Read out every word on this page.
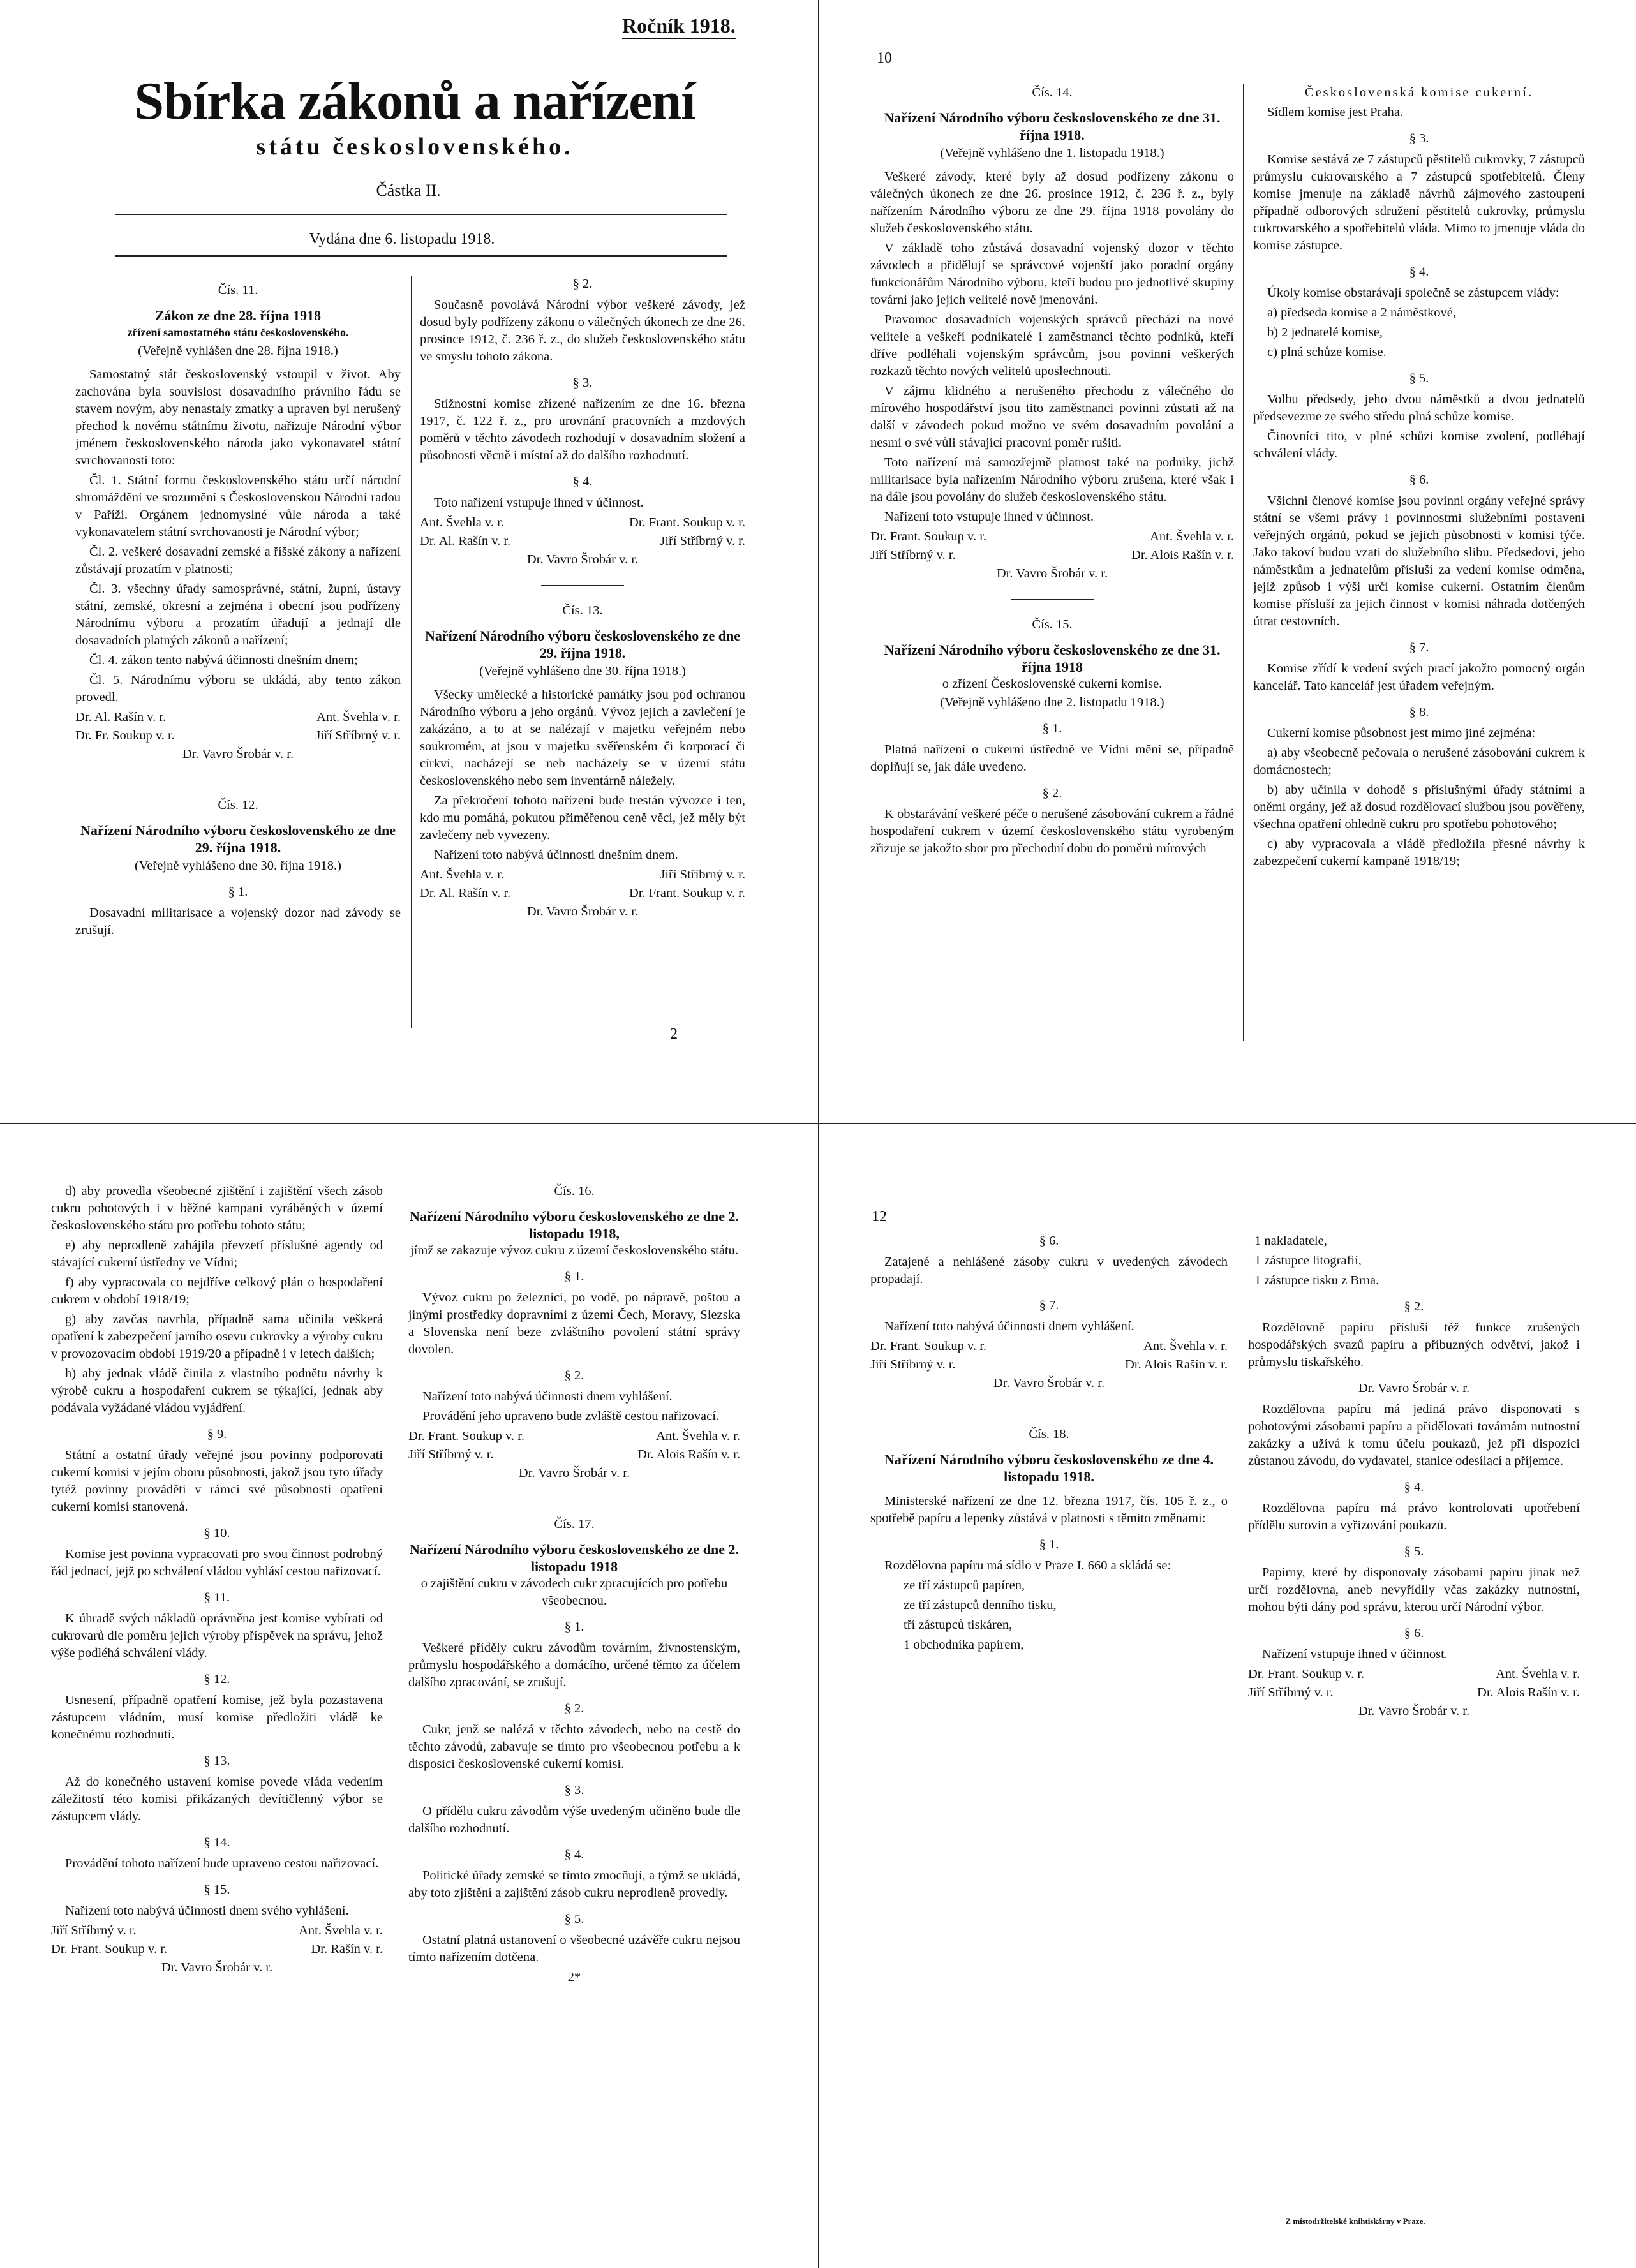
Ročník 1918.
Sbírka zákonů a nařízení
státu československého.
Částka II.
Vydána dne 6. listopadu 1918.
Čís. 11.
Zákon ze dne 28. října 1918
zřízení samostatného státu československého.
(Veřejně vyhlášen dne 28. října 1918.)

Samostatný stát československý vstoupil v život. Aby zachována byla souvislost dosavadního právního řádu se stavem novým, aby nenastaly zmatky a upraven byl nerušený přechod k novému státnímu životu, nařizuje Národní výbor jménem československého národa jako vykonavatel státní svrchovanosti toto:

Čl. 1. Státní formu československého státu určí národní shromáždění ve srozumění s Československou Národní radou v Paříži. Orgánem jednomyslné vůle národa a také vykonavatelem státní svrchovanosti je Národní výbor;

Čl. 2. veškeré dosavadní zemské a říšské zákony a nařízení zůstávají prozatím v platnosti;

Čl. 3. všechny úřady samosprávné, státní, župní, ústavy státní, zemské, okresní a zejména i obecní jsou podřízeny Národnímu výboru a prozatím úřadují a jednají dle dosavadních platných zákonů a nařízení;

Čl. 4. zákon tento nabývá účinnosti dnešním dnem;

Čl. 5. Národnímu výboru se ukládá, aby tento zákon provedl.

Dr. Al. Rašín v. r.	Ant. Švehla v. r.
Dr. Fr. Soukup v. r.	Jiří Stříbrný v. r.
Dr. Vavro Šrobár v. r.
Čís. 12.
Nařízení Národního výboru československého ze dne 29. října 1918.
(Veřejně vyhlášeno dne 30. října 1918.)
§ 1.

Dosavadní militarisace a vojenský dozor nad závody se zrušují.

§ 2.

Současně povolává Národní výbor veškeré závody, jež dosud byly podřízeny zákonu o válečných úkonech ze dne 26. prosince 1912, č. 236 ř. z., do služeb československého státu ve smyslu tohoto zákona.

§ 3.

Stížnostní komise zřízené nařízením ze dne 16. března 1917, č. 122 ř. z., pro urovnání pracovních a mzdových poměrů v těchto závodech rozhodují v dosavadním složení a působnosti věcně i místní až do dalšího rozhodnutí.

§ 4.

Toto nařízení vstupuje ihned v účinnost.

Ant. Švehla v. r.	Dr. Frant. Soukup v. r.
Dr. Al. Rašín v. r.	Jiří Stříbrný v. r.
Dr. Vavro Šrobár v. r.
Čís. 13.
Nařízení Národního výboru československého ze dne 29. října 1918.
(Veřejně vyhlášeno dne 30. října 1918.)

Všecky umělecké a historické památky jsou pod ochranou Národního výboru a jeho orgánů. Vývoz jejich a zavlečení je zakázáno, a to at se nalézají v majetku veřejném nebo soukromém, at jsou v majetku svěřenském či korporací či církví, nacházejí se neb nacházely se v území státu československého nebo sem inventárně náležely.

Za překročení tohoto nařízení bude trestán vývozce i ten, kdo mu pomáhá, pokutou přiměřenou ceně věci, jež měly být zavlečeny neb vyvezeny.

Nařízení toto nabývá účinnosti dnešním dnem.

Ant. Švehla v. r.	Jiří Stříbrný v. r.
Dr. Al. Rašín v. r.	Dr. Frant. Soukup v. r.
Dr. Vavro Šrobár v. r.
2
10
Čís. 14.
Nařízení Národního výboru československého ze dne 31. října 1918.
(Veřejně vyhlášeno dne 1. listopadu 1918.)

Veškeré závody, které byly až dosud podřízeny zákonu o válečných úkonech ze dne 26. prosince 1912, č. 236 ř. z., byly nařízením Národního výboru ze dne 29. října 1918 povolány do služeb československého státu.

V základě toho zůstává dosavadní vojenský dozor v těchto závodech a přidělují se správcové vojenští jako poradní orgány funkcionářům Národního výboru, kteří budou pro jednotlivé skupiny továrni jako jejich velitelé nově jmenováni.

Pravomoc dosavadních vojenských správců přechází na nové velitele a veškeří podnikatelé i zaměstnanci těchto podniků, kteří dříve podléhali vojenským správcům, jsou povinni veškerých rozkazů těchto nových velitelů uposlechnouti.

V zájmu klidného a nerušeného přechodu z válečného do mírového hospodářství jsou tito zaměstnanci povinni zůstati až na další v závodech pokud možno ve svém dosavadním povolání a nesmí o své vůli stávající pracovní poměr rušiti.

Toto nařízení má samozřejmě platnost také na podniky, jichž militarisace byla nařízením Národního výboru zrušena, které však i na dále jsou povolány do služeb československého státu.

Nařízení toto vstupuje ihned v účinnost.

Dr. Frant. Soukup v. r.	Ant. Švehla v. r.
Jiří Stříbrný v. r.	Dr. Alois Rašín v. r.
Dr. Vavro Šrobár v. r.
Čís. 15.
Nařízení Národního výboru československého ze dne 31. října 1918
o zřízení Československé cukerní komise.
(Veřejně vyhlášeno dne 2. listopadu 1918.)
§ 1.

Platná nařízení o cukerní ústředně ve Vídni mění se, případně doplňují se, jak dále uvedeno.

§ 2.

K obstarávání veškeré péče o nerušené zásobování cukrem a řádné hospodaření cukrem v území československého státu vyrobeným zřizuje se jakožto sbor pro přechodní dobu do poměrů mírových

Československá komise cukerní.

Sídlem komise jest Praha.

§ 3.

Komise sestává ze 7 zástupců pěstitelů cukrovky, 7 zástupců průmyslu cukrovarského a 7 zástupců spotřebitelů. Členy komise jmenuje na základě návrhů zájmového zastoupení případně odborových sdružení pěstitelů cukrovky, průmyslu cukrovarského a spotřebitelů vláda. Mimo to jmenuje vláda do komise zástupce.

§ 4.

Úkoly komise obstarávají společně se zástupcem vlády:

a) předseda komise a 2 náměstkové,

b) 2 jednatelé komise,

c) plná schůze komise.

§ 5.

Volbu předsedy, jeho dvou náměstků a dvou jednatelů předsevezme ze svého středu plná schůze komise.

Činovníci tito, v plné schůzi komise zvolení, podléhají schválení vlády.

§ 6.

Všichni členové komise jsou povinni orgány veřejné správy státní se všemi právy i povinnostmi služebními postaveni veřejných orgánů, pokud se jejich působnosti v komisi týče. Jako takoví budou vzati do služebního slibu. Předsedovi, jeho náměstkům a jednatelům přísluší za vedení komise odměna, jejíž způsob i výši určí komise cukerní. Ostatním členům komise přísluší za jejich činnost v komisi náhrada dotčených útrat cestovních.

§ 7.

Komise zřídí k vedení svých prací jakožto pomocný orgán kancelář. Tato kancelář jest úřadem veřejným.

§ 8.

Cukerní komise působnost jest mimo jiné zejména:

a) aby všeobecně pečovala o nerušené zásobování cukrem k domácnostech;

b) aby učinila v dohodě s příslušnými úřady státními a oněmi orgány, jež až dosud rozdělovací službou jsou pověřeny, všechna opatření ohledně cukru pro spotřebu pohotového;

c) aby vypracovala a vládě předložila přesné návrhy k zabezpečení cukerní kampaně 1918/19;

d) aby provedla všeobecné zjištění i zajištění všech zásob cukru pohotových i v běžné kampani vyráběných v území československého státu pro potřebu tohoto státu;

e) aby neprodleně zahájila převzetí příslušné agendy od stávající cukerní ústředny ve Vídni;

f) aby vypracovala co nejdříve celkový plán o hospodaření cukrem v období 1918/19;

g) aby zavčas navrhla, případně sama učinila veškerá opatření k zabezpečení jarního osevu cukrovky a výroby cukru v provozovacím období 1919/20 a případně i v letech dalších;

h) aby jednak vládě činila z vlastního podnětu návrhy k výrobě cukru a hospodaření cukrem se týkající, jednak aby podávala vyžádané vládou vyjádření.

§ 9.

Státní a ostatní úřady veřejné jsou povinny podporovati cukerní komisi v jejím oboru působnosti, jakož jsou tyto úřady tytéž povinny prováděti v rámci své působnosti opatření cukerní komisí stanovená.

§ 10.

Komise jest povinna vypracovati pro svou činnost podrobný řád jednací, jejž po schválení vládou vyhlásí cestou nařizovací.

§ 11.

K úhradě svých nákladů oprávněna jest komise vybírati od cukrovarů dle poměru jejich výroby příspěvek na správu, jehož výše podléhá schválení vlády.

§ 12.

Usnesení, případně opatření komise, jež byla pozastavena zástupcem vládním, musí komise předložiti vládě ke konečnému rozhodnutí.

§ 13.

Až do konečného ustavení komise povede vláda vedením záležitostí této komisi přikázaných devítičlenný výbor se zástupcem vlády.

§ 14.

Provádění tohoto nařízení bude upraveno cestou nařizovací.

§ 15.

Nařízení toto nabývá účinnosti dnem svého vyhlášení.

Jiří Stříbrný v. r.	Ant. Švehla v. r.
Dr. Frant. Soukup v. r.	Dr. Rašín v. r.
Dr. Vavro Šrobár v. r.
Čís. 16.
Nařízení Národního výboru československého ze dne 2. listopadu 1918,
jímž se zakazuje vývoz cukru z území československého státu.
§ 1.

Vývoz cukru po železnici, po vodě, po nápravě, poštou a jinými prostředky dopravními z území Čech, Moravy, Slezska a Slovenska není beze zvláštního povolení státní správy dovolen.

§ 2.

Nařízení toto nabývá účinnosti dnem vyhlášení.

Provádění jeho upraveno bude zvláště cestou nařizovací.

Dr. Frant. Soukup v. r.	Ant. Švehla v. r.
Jiří Stříbrný v. r.	Dr. Alois Rašín v. r.
Dr. Vavro Šrobár v. r.
Čís. 17.
Nařízení Národního výboru československého ze dne 2. listopadu 1918
o zajištění cukru v závodech cukr zpracujících pro potřebu všeobecnou.
§ 1.

Veškeré příděly cukru závodům továrním, živnostenským, průmyslu hospodářského a domácího, určené těmto za účelem dalšího zpracování, se zrušují.

§ 2.

Cukr, jenž se nalézá v těchto závodech, nebo na cestě do těchto závodů, zabavuje se tímto pro všeobecnou potřebu a k disposici československé cukerní komisi.

§ 3.

O přídělu cukru závodům výše uvedeným učiněno bude dle dalšího rozhodnutí.

§ 4.

Politické úřady zemské se tímto zmocňují, a týmž se ukládá, aby toto zjištění a zajištění zásob cukru neprodleně provedly.

§ 5.

Ostatní platná ustanovení o všeobecné uzávěře cukru nejsou tímto nařízením dotčena.

2*
12
§ 6.

Zatajené a nehlášené zásoby cukru v uvedených závodech propadají.

§ 7.

Nařízení toto nabývá účinnosti dnem vyhlášení.

Dr. Frant. Soukup v. r.	Ant. Švehla v. r.
Jiří Stříbrný v. r.	Dr. Alois Rašín v. r.
Dr. Vavro Šrobár v. r.
Čís. 18.
Nařízení Národního výboru československého ze dne 4. listopadu 1918.

Ministerské nařízení ze dne 12. března 1917, čís. 105 ř. z., o spotřebě papíru a lepenky zůstává v platnosti s těmito změnami:

§ 1.

Rozdělovna papíru má sídlo v Praze I. 660 a skládá se:

ze tří zástupců papíren,

ze tří zástupců denního tisku,

tří zástupců tiskáren,

1 obchodníka papírem,

1 nakladatele,

1 zástupce litografií,

1 zástupce tisku z Brna.

§ 2.

Rozdělovně papíru přísluší též funkce zrušených hospodářských svazů papíru a příbuzných odvětví, jakož i průmyslu tiskařského.

Dr. Vavro Šrobár v. r.

Rozdělovna papíru má jediná právo disponovati s pohotovými zásobami papíru a přidělovati továrnám nutnostní zakázky a užívá k tomu účelu poukazů, jež při dispozici zůstanou závodu, do vydavatel, stanice odesílací a příjemce.

§ 4.

Rozdělovna papíru má právo kontrolovati upotřebení přídělu surovin a vyřizování poukazů.

§ 5.

Papírny, které by disponovaly zásobami papíru jinak než určí rozdělovna, aneb nevyřídily včas zakázky nutnostní, mohou býti dány pod správu, kterou určí Národní výbor.

§ 6.

Nařízení vstupuje ihned v účinnost.

Dr. Frant. Soukup v. r.	Ant. Švehla v. r.
Jiří Stříbrný v. r.	Dr. Alois Rašín v. r.
Dr. Vavro Šrobár v. r.
Z místodržitelské knihtiskárny v Praze.
